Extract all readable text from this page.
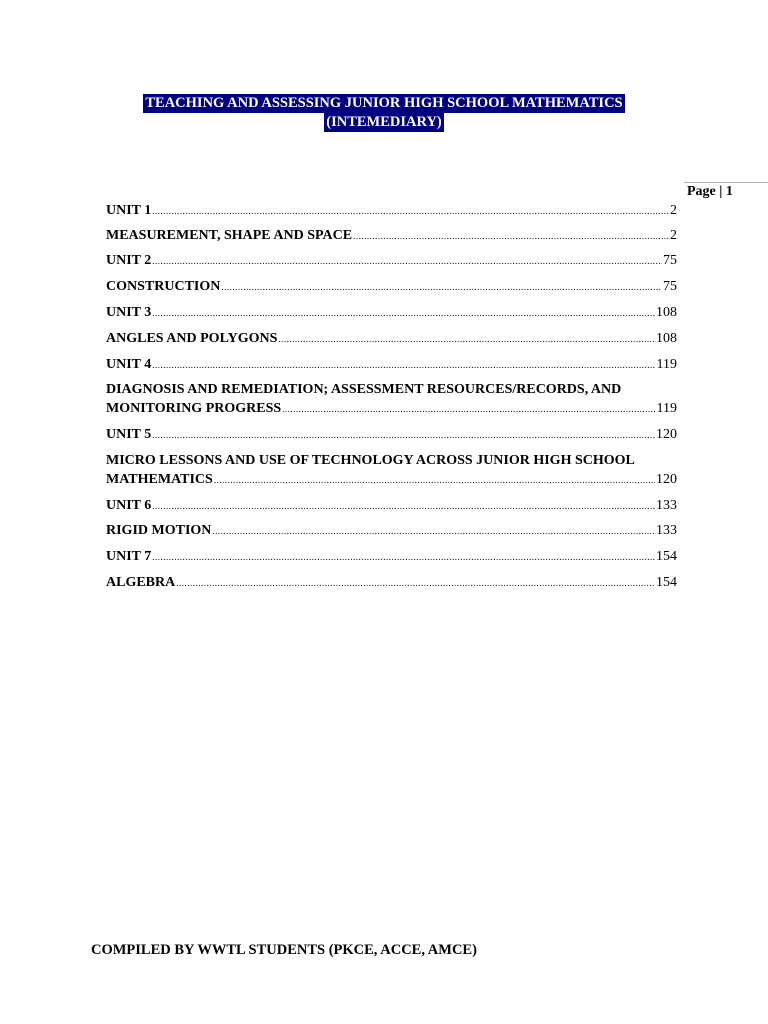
TEACHING AND ASSESSING JUNIOR HIGH SCHOOL MATHEMATICS
(INTEMEDIARY)
Page | 1
UNIT 1 .....	2
MEASUREMENT, SHAPE AND SPACE .....	2
UNIT 2 .....	75
CONSTRUCTION .....	75
UNIT 3 .....	108
ANGLES AND POLYGONS .....	108
UNIT 4 .....	119
DIAGNOSIS AND REMEDIATION; ASSESSMENT RESOURCES/RECORDS, AND
MONITORING PROGRESS .....	119
UNIT 5 .....	120
MICRO LESSONS AND USE OF TECHNOLOGY ACROSS JUNIOR HIGH SCHOOL
MATHEMATICS .....	120
UNIT 6 .....	133
RIGID MOTION .....	133
UNIT 7 .....	154
ALGEBRA .....	154
COMPILED BY WWTL STUDENTS (PKCE, ACCE, AMCE)
